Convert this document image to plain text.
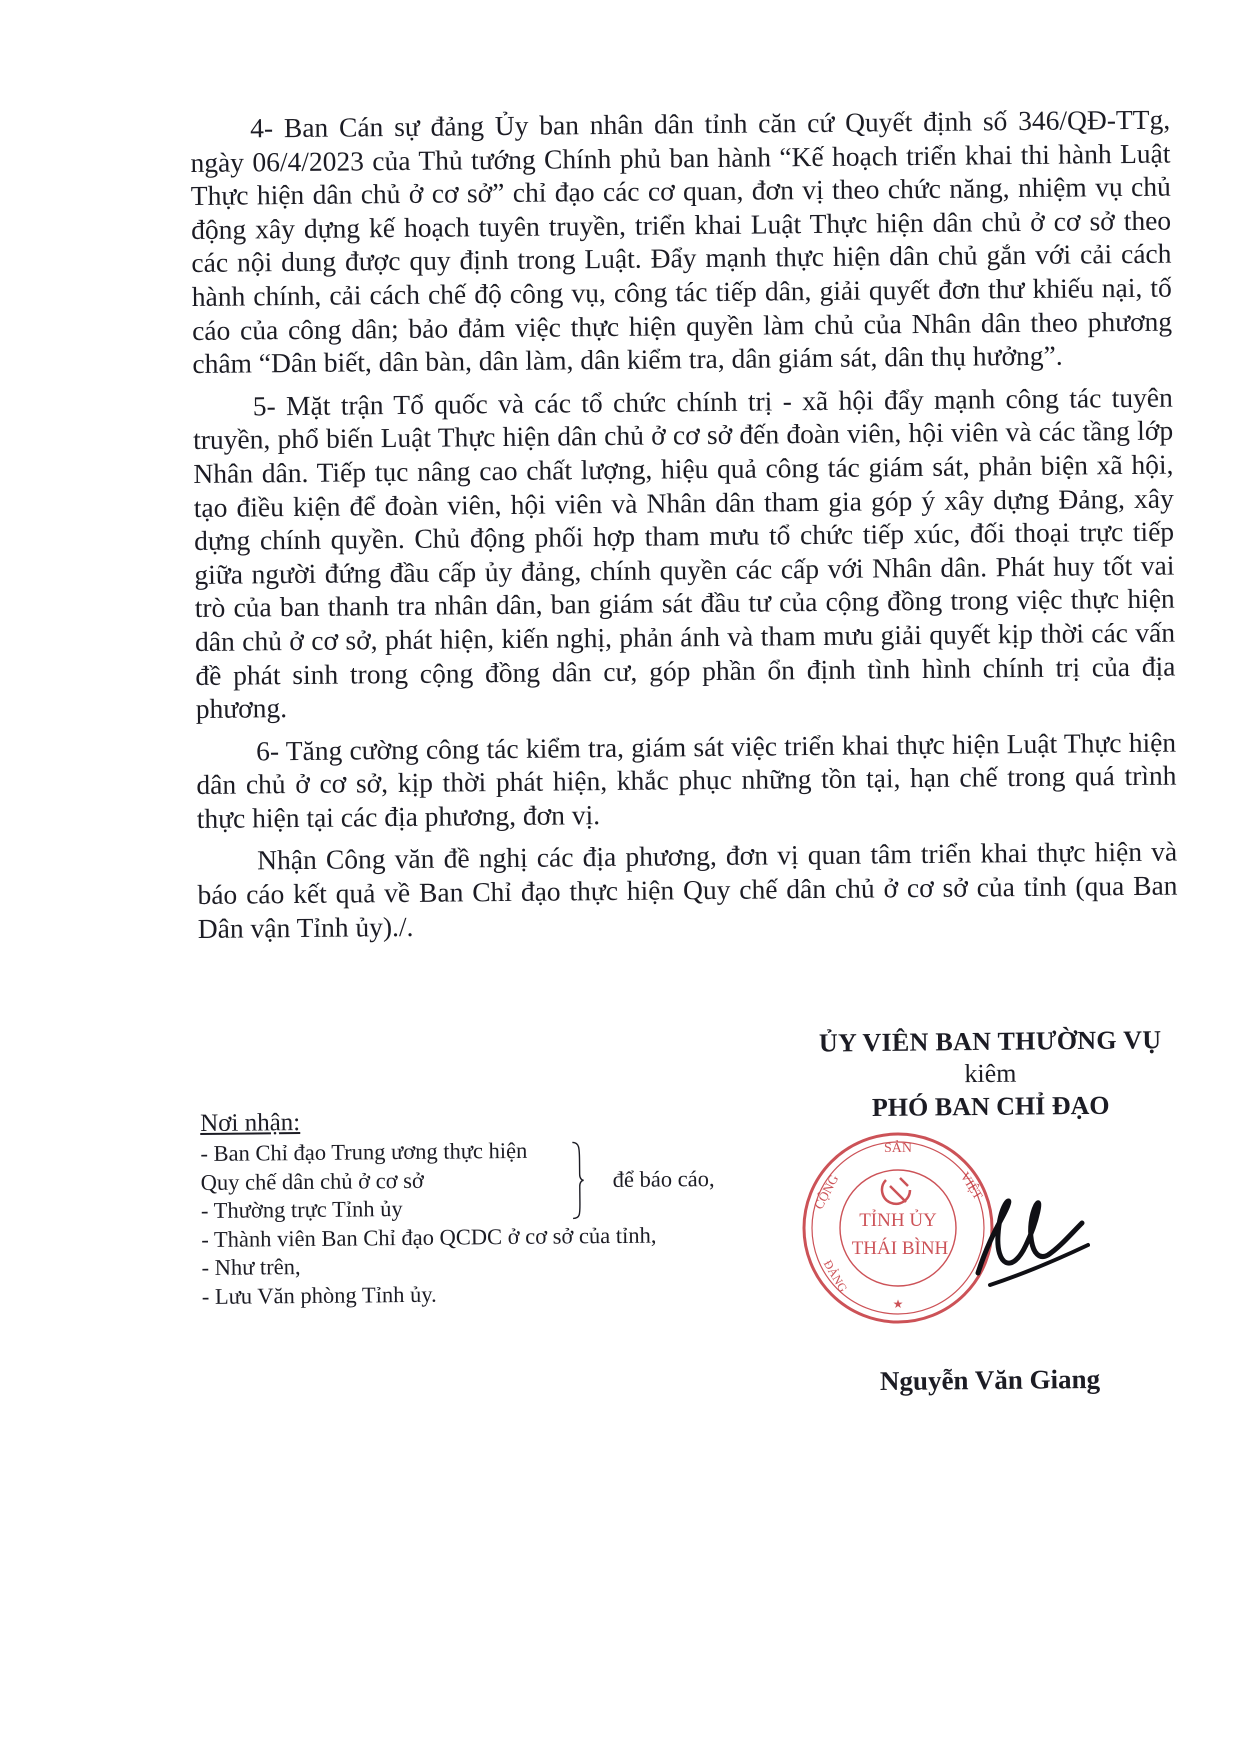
4- Ban Cán sự đảng Ủy ban nhân dân tỉnh căn cứ Quyết định số 346/QĐ-TTg, ngày 06/4/2023 của Thủ tướng Chính phủ ban hành “Kế hoạch triển khai thi hành Luật Thực hiện dân chủ ở cơ sở” chỉ đạo các cơ quan, đơn vị theo chức năng, nhiệm vụ chủ động xây dựng kế hoạch tuyên truyền, triển khai Luật Thực hiện dân chủ ở cơ sở theo các nội dung được quy định trong Luật. Đẩy mạnh thực hiện dân chủ gắn với cải cách hành chính, cải cách chế độ công vụ, công tác tiếp dân, giải quyết đơn thư khiếu nại, tố cáo của công dân; bảo đảm việc thực hiện quyền làm chủ của Nhân dân theo phương châm “Dân biết, dân bàn, dân làm, dân kiểm tra, dân giám sát, dân thụ hưởng”.

5- Mặt trận Tổ quốc và các tổ chức chính trị - xã hội đẩy mạnh công tác tuyên truyền, phổ biến Luật Thực hiện dân chủ ở cơ sở đến đoàn viên, hội viên và các tầng lớp Nhân dân. Tiếp tục nâng cao chất lượng, hiệu quả công tác giám sát, phản biện xã hội, tạo điều kiện để đoàn viên, hội viên và Nhân dân tham gia góp ý xây dựng Đảng, xây dựng chính quyền. Chủ động phối hợp tham mưu tổ chức tiếp xúc, đối thoại trực tiếp giữa người đứng đầu cấp ủy đảng, chính quyền các cấp với Nhân dân. Phát huy tốt vai trò của ban thanh tra nhân dân, ban giám sát đầu tư của cộng đồng trong việc thực hiện dân chủ ở cơ sở, phát hiện, kiến nghị, phản ánh và tham mưu giải quyết kịp thời các vấn đề phát sinh trong cộng đồng dân cư, góp phần ổn định tình hình chính trị của địa phương.

6- Tăng cường công tác kiểm tra, giám sát việc triển khai thực hiện Luật Thực hiện dân chủ ở cơ sở, kịp thời phát hiện, khắc phục những tồn tại, hạn chế trong quá trình thực hiện tại các địa phương, đơn vị.

Nhận Công văn đề nghị các địa phương, đơn vị quan tâm triển khai thực hiện và báo cáo kết quả về Ban Chỉ đạo thực hiện Quy chế dân chủ ở cơ sở của tỉnh (qua Ban Dân vận Tỉnh ủy)./.

ỦY VIÊN BAN THƯỜNG VỤ
kiêm
PHÓ BAN CHỈ ĐẠO
SẢN
CỘNG	VIỆT
ĐẢNG
TỈNH ỦY
THÁI BÌNH
★
Nguyễn Văn Giang
Nơi nhận:
- Ban Chỉ đạo Trung ương thực hiện
Quy chế dân chủ ở cơ sở
- Thường trực Tỉnh ủy
để báo cáo,
- Thành viên Ban Chỉ đạo QCDC ở cơ sở của tỉnh,
- Như trên,
- Lưu Văn phòng Tỉnh ủy.
